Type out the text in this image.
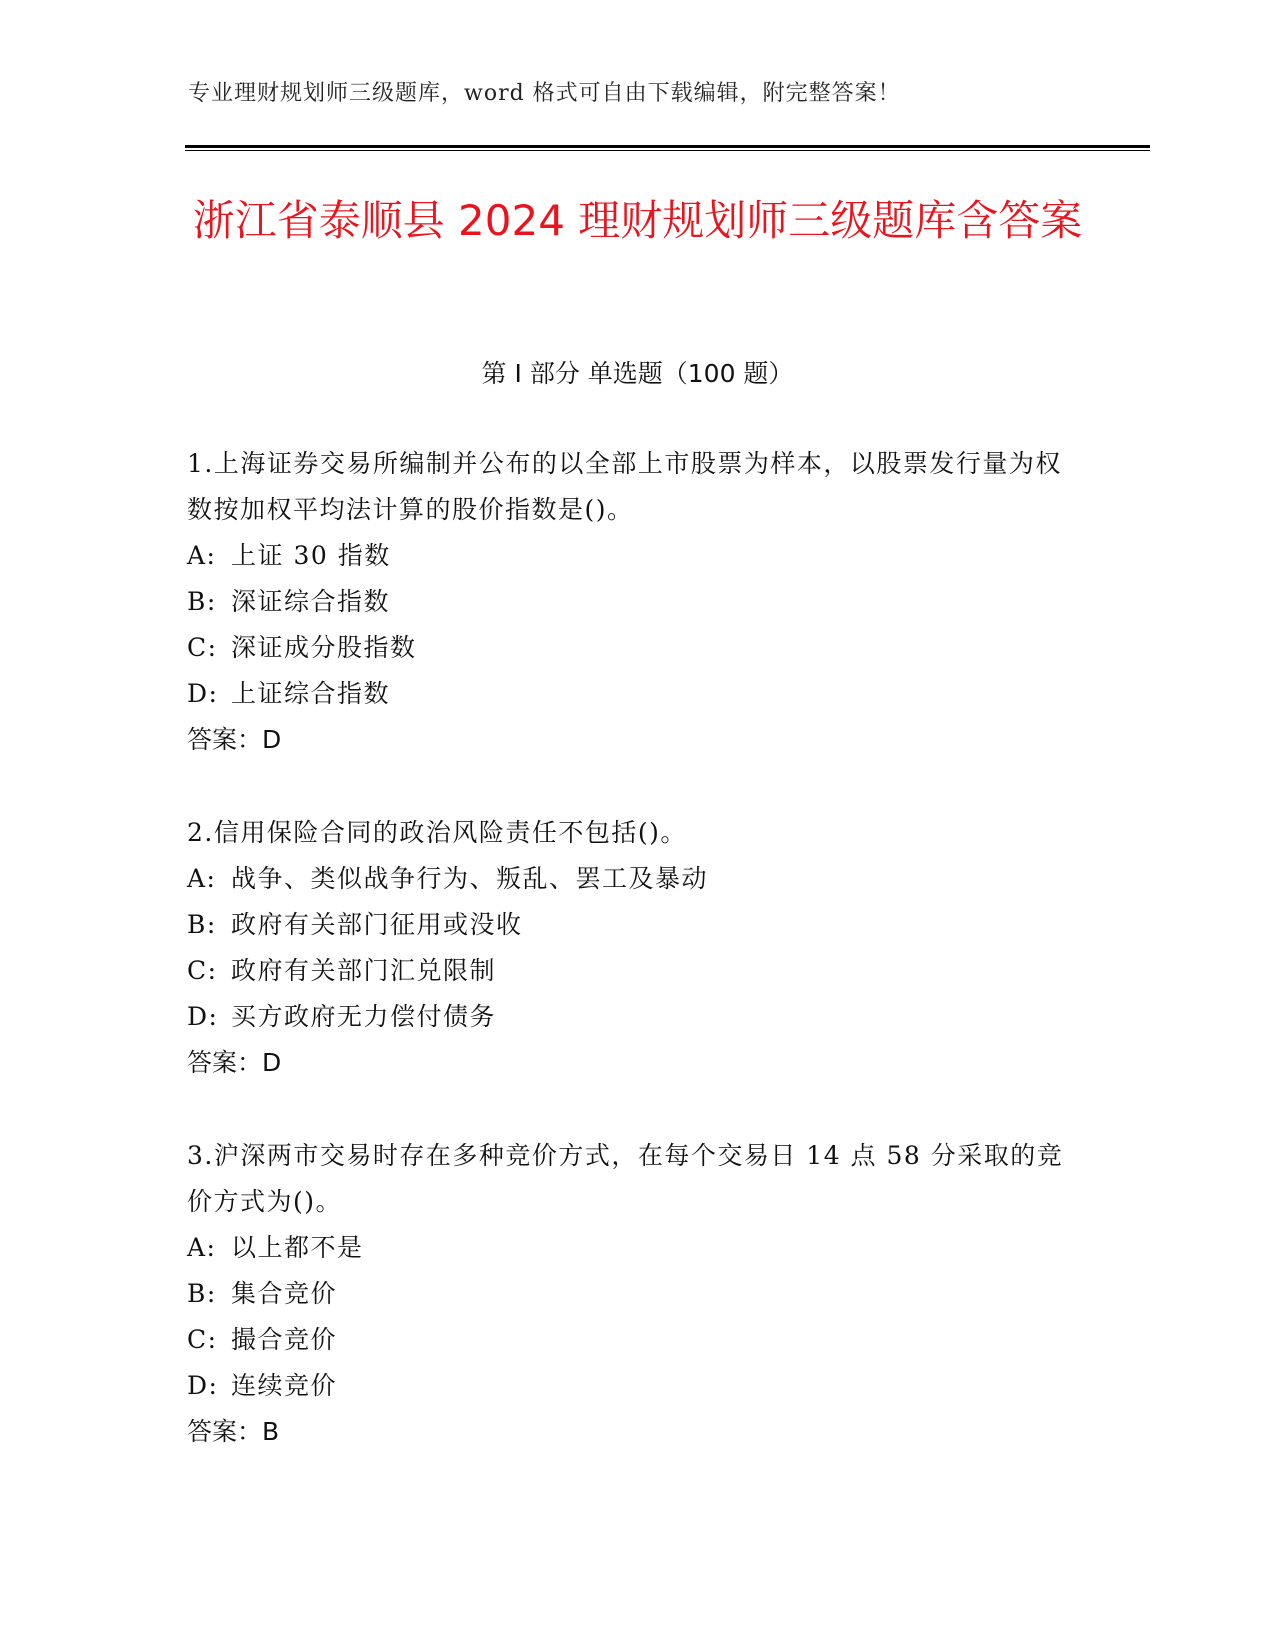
专业理财规划师三级题库，word 格式可自由下载编辑，附完整答案！
浙江省泰顺县 2024 理财规划师三级题库含答案
第 I 部分 单选题（100 题）

1.上海证券交易所编制并公布的以全部上市股票为样本，以股票发行量为权数按加权平均法计算的股价指数是()。

A: 上证 30 指数

B: 深证综合指数

C: 深证成分股指数

D: 上证综合指数

答案：D

2.信用保险合同的政治风险责任不包括()。

A: 战争、类似战争行为、叛乱、罢工及暴动

B: 政府有关部门征用或没收

C: 政府有关部门汇兑限制

D: 买方政府无力偿付债务

答案：D

3.沪深两市交易时存在多种竞价方式，在每个交易日 14 点 58 分采取的竞价方式为()。

A: 以上都不是

B: 集合竞价

C: 撮合竞价

D: 连续竞价

答案：B
